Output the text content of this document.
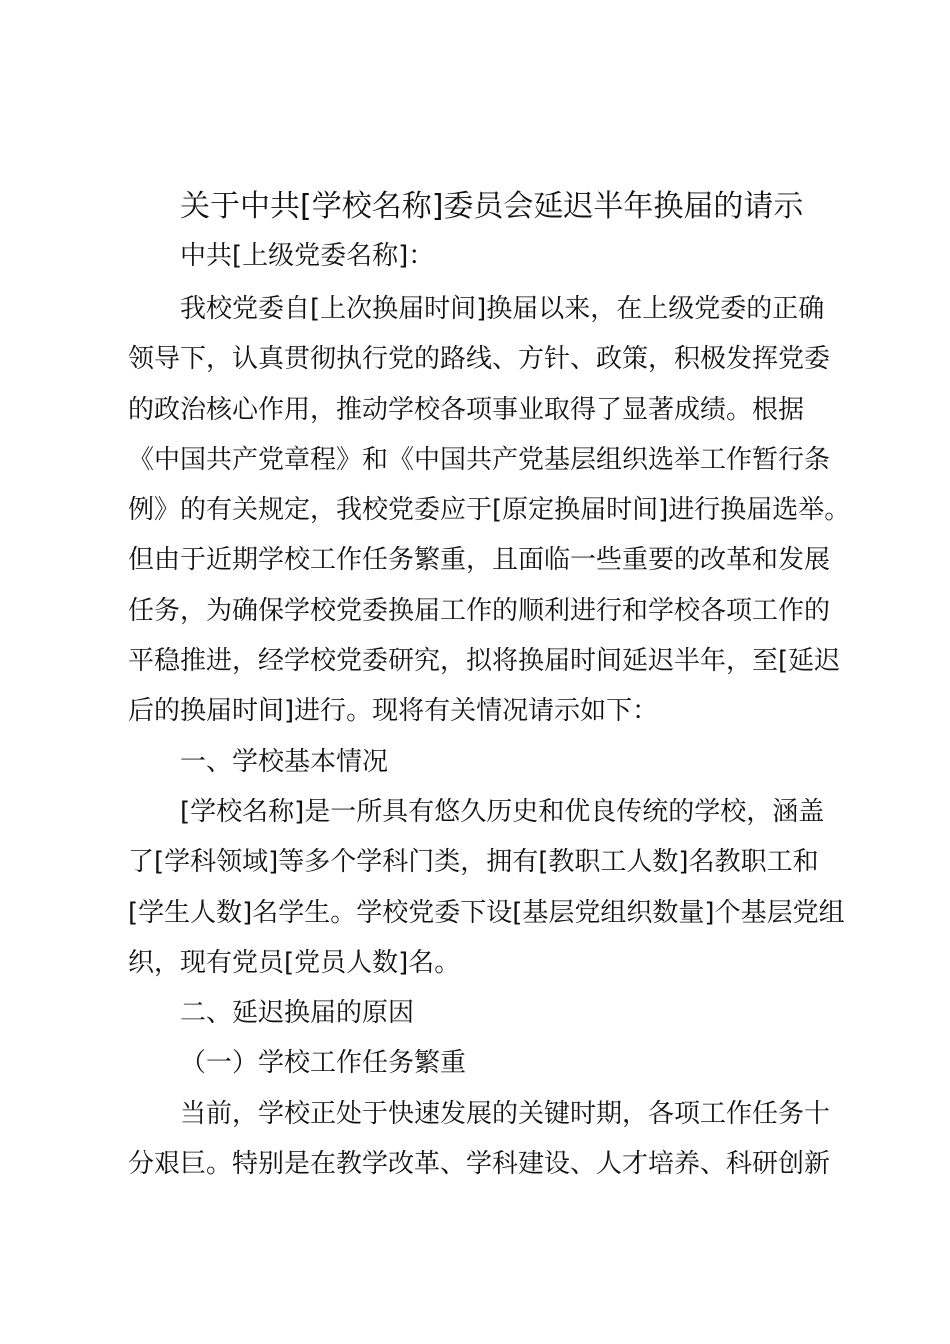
关于中共[学校名称]委员会延迟半年换届的请示

中共[上级党委名称]：

我校党委自[上次换届时间]换届以来，在上级党委的正确

领导下，认真贯彻执行党的路线、方针、政策，积极发挥党委

的政治核心作用，推动学校各项事业取得了显著成绩。根据

《中国共产党章程》和《中国共产党基层组织选举工作暂行条

例》的有关规定，我校党委应于[原定换届时间]进行换届选举。

但由于近期学校工作任务繁重，且面临一些重要的改革和发展

任务，为确保学校党委换届工作的顺利进行和学校各项工作的

平稳推进，经学校党委研究，拟将换届时间延迟半年，至[延迟

后的换届时间]进行。现将有关情况请示如下：

一、学校基本情况

[学校名称]是一所具有悠久历史和优良传统的学校，涵盖

了[学科领域]等多个学科门类，拥有[教职工人数]名教职工和

[学生人数]名学生。学校党委下设[基层党组织数量]个基层党组

织，现有党员[党员人数]名。

二、延迟换届的原因

（一）学校工作任务繁重

当前，学校正处于快速发展的关键时期，各项工作任务十

分艰巨。特别是在教学改革、学科建设、人才培养、科研创新
